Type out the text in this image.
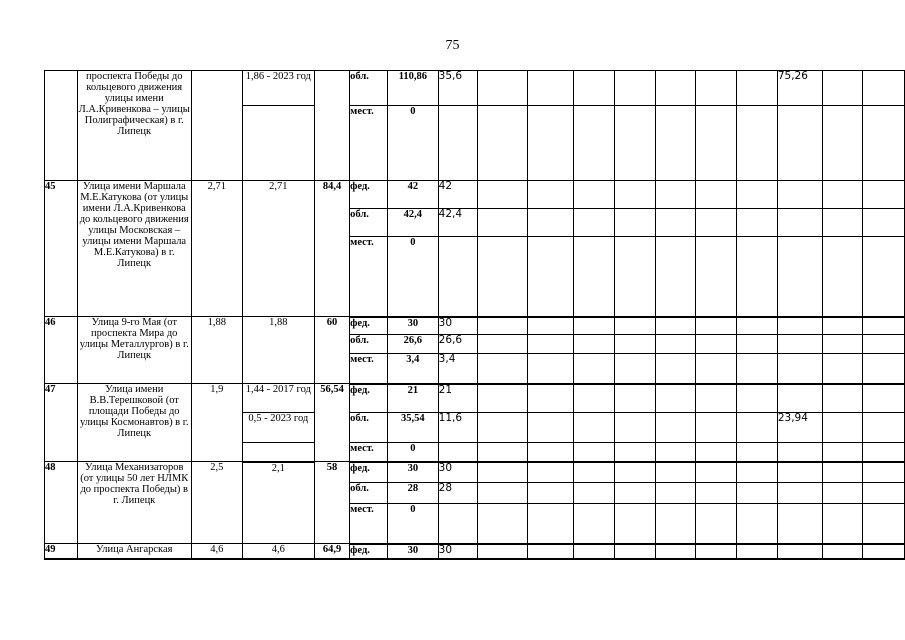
75
	проспекта Победы до кольцевого движения улицы имени Л.А.Кривенкова – улицы Полиграфическая) в г. Липецк		1,86 - 2023 год		обл.	110,86	35,6								75,26		
					мест.	0											
45	Улица имени Маршала М.Е.Катукова (от улицы имени Л.А.Кривенкова до кольцевого движения улицы Московская – улицы имени Маршала М.Е.Катукова) в г. Липецк	2,71	2,71	84,4	фед.	42	42										
					обл.	42,4	42,4										
					мест.	0											
46	Улица 9-го Мая (от проспекта Мира до улицы Металлургов) в г. Липецк	1,88	1,88	60	фед.	30	30										
					обл.	26,6	26,6										
					мест.	3,4	3,4										
47	Улица имени В.В.Терешковой (от площади Победы до улицы Космонавтов) в г. Липецк	1,9	1,44 - 2017 год	56,54	фед.	21	21										
			0,5 - 2023 год		обл.	35,54	11,6								23,94		
					мест.	0											
48	Улица Механизаторов (от улицы 50 лет НЛМК до проспекта Победы) в г. Липецк	2,5	2,1	58	фед.	30	30										
					обл.	28	28										
					мест.	0											
49	Улица Ангарская	4,6	4,6	64,9	фед.	30	30										
